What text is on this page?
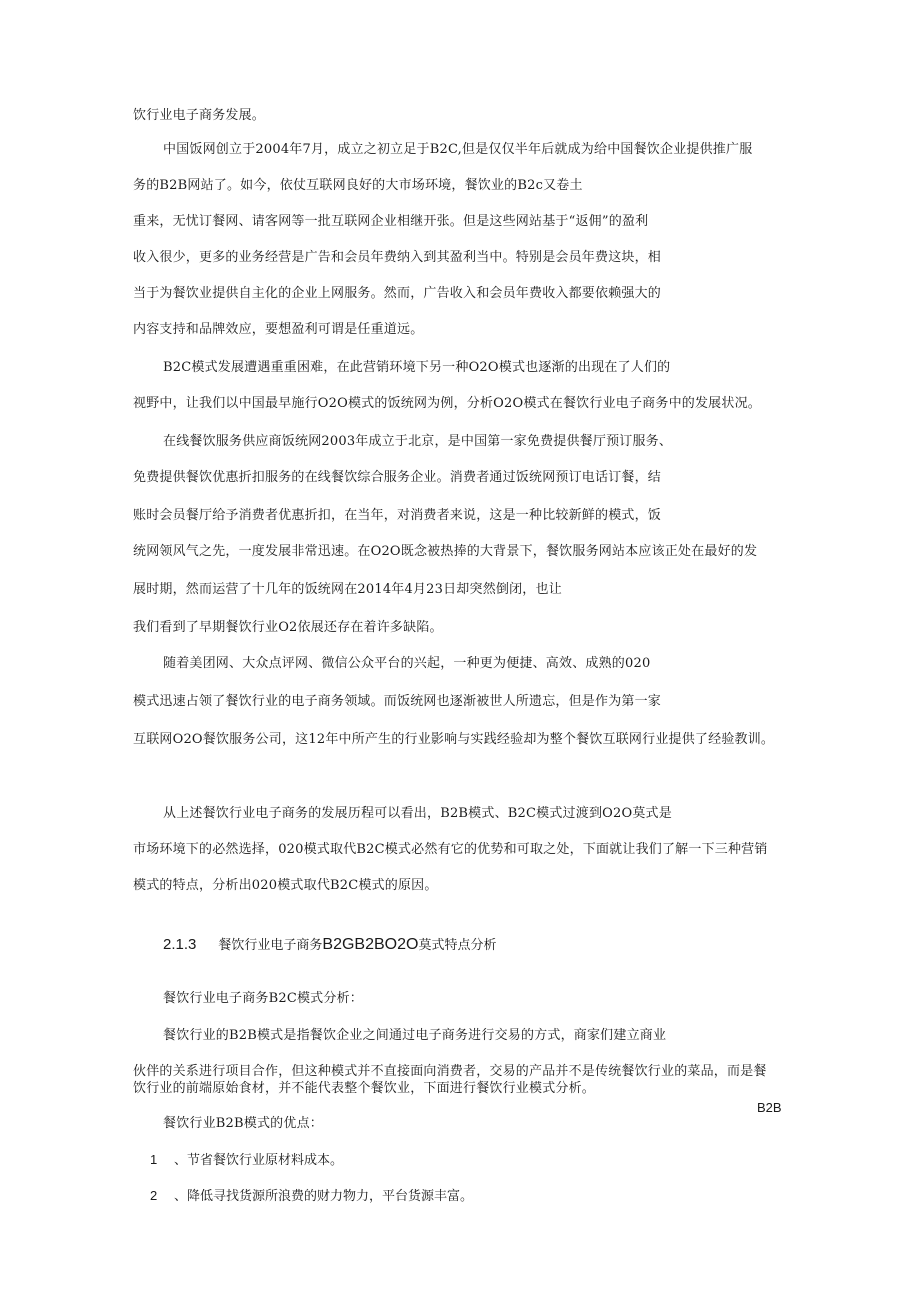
饮行业电子商务发展。
中国饭网创立于2004年7月，成立之初立足于B2C,但是仅仅半年后就成为给中国餐饮企业提供推广服
务的B2B网站了。如今，依仗互联网良好的大市场环境，餐饮业的B2c又卷土
重来，无忧订餐网、请客网等一批互联网企业相继开张。但是这些网站基于“返佣”的盈利
收入很少，更多的业务经营是广告和会员年费纳入到其盈利当中。特别是会员年费这块，相
当于为餐饮业提供自主化的企业上网服务。然而，广告收入和会员年费收入都要依赖强大的
内容支持和品牌效应，要想盈利可谓是任重道远。
B2C模式发展遭遇重重困难，在此营销环境下另一种O2O模式也逐渐的出现在了人们的
视野中，让我们以中国最早施行O2O模式的饭统网为例，分析O2O模式在餐饮行业电子商务中的发展状况。
在线餐饮服务供应商饭统网2003年成立于北京，是中国第一家免费提供餐厅预订服务、
免费提供餐饮优惠折扣服务的在线餐饮综合服务企业。消费者通过饭统网预订电话订餐，结
账时会员餐厅给予消费者优惠折扣，在当年，对消费者来说，这是一种比较新鲜的模式，饭
统网领风气之先，一度发展非常迅速。在O2O既念被热捧的大背景下，餐饮服务网站本应该正处在最好的发
展时期，然而运营了十几年的饭统网在2014年4月23日却突然倒闭，也让
我们看到了早期餐饮行业O2依展还存在着许多缺陷。
随着美团网、大众点评网、微信公众平台的兴起，一种更为便捷、高效、成熟的020
模式迅速占领了餐饮行业的电子商务领域。而饭统网也逐渐被世人所遗忘，但是作为第一家
互联网O2O餐饮服务公司，这12年中所产生的行业影响与实践经验却为整个餐饮互联网行业提供了经验教训。
从上述餐饮行业电子商务的发展历程可以看出，B2B模式、B2C模式过渡到O2O莫式是
市场环境下的必然选择，020模式取代B2C模式必然有它的优势和可取之处，下面就让我们了解一下三种营销
模式的特点，分析出020模式取代B2C模式的原因。
2.1.3 餐饮行业电子商务B2GB2BO2O莫式特点分析
餐饮行业电子商务B2C模式分析：
餐饮行业的B2B模式是指餐饮企业之间通过电子商务进行交易的方式，商家们建立商业
伙伴的关系进行项目合作，但这种模式并不直接面向消费者，交易的产品并不是传统餐饮行业的菜品，而是餐
饮行业的前端原始食材，并不能代表整个餐饮业，下面进行餐饮行业模式分析。
B2B
餐饮行业B2B模式的优点：
1 、节省餐饮行业原材料成本。
2 、降低寻找货源所浪费的财力物力，平台货源丰富。
